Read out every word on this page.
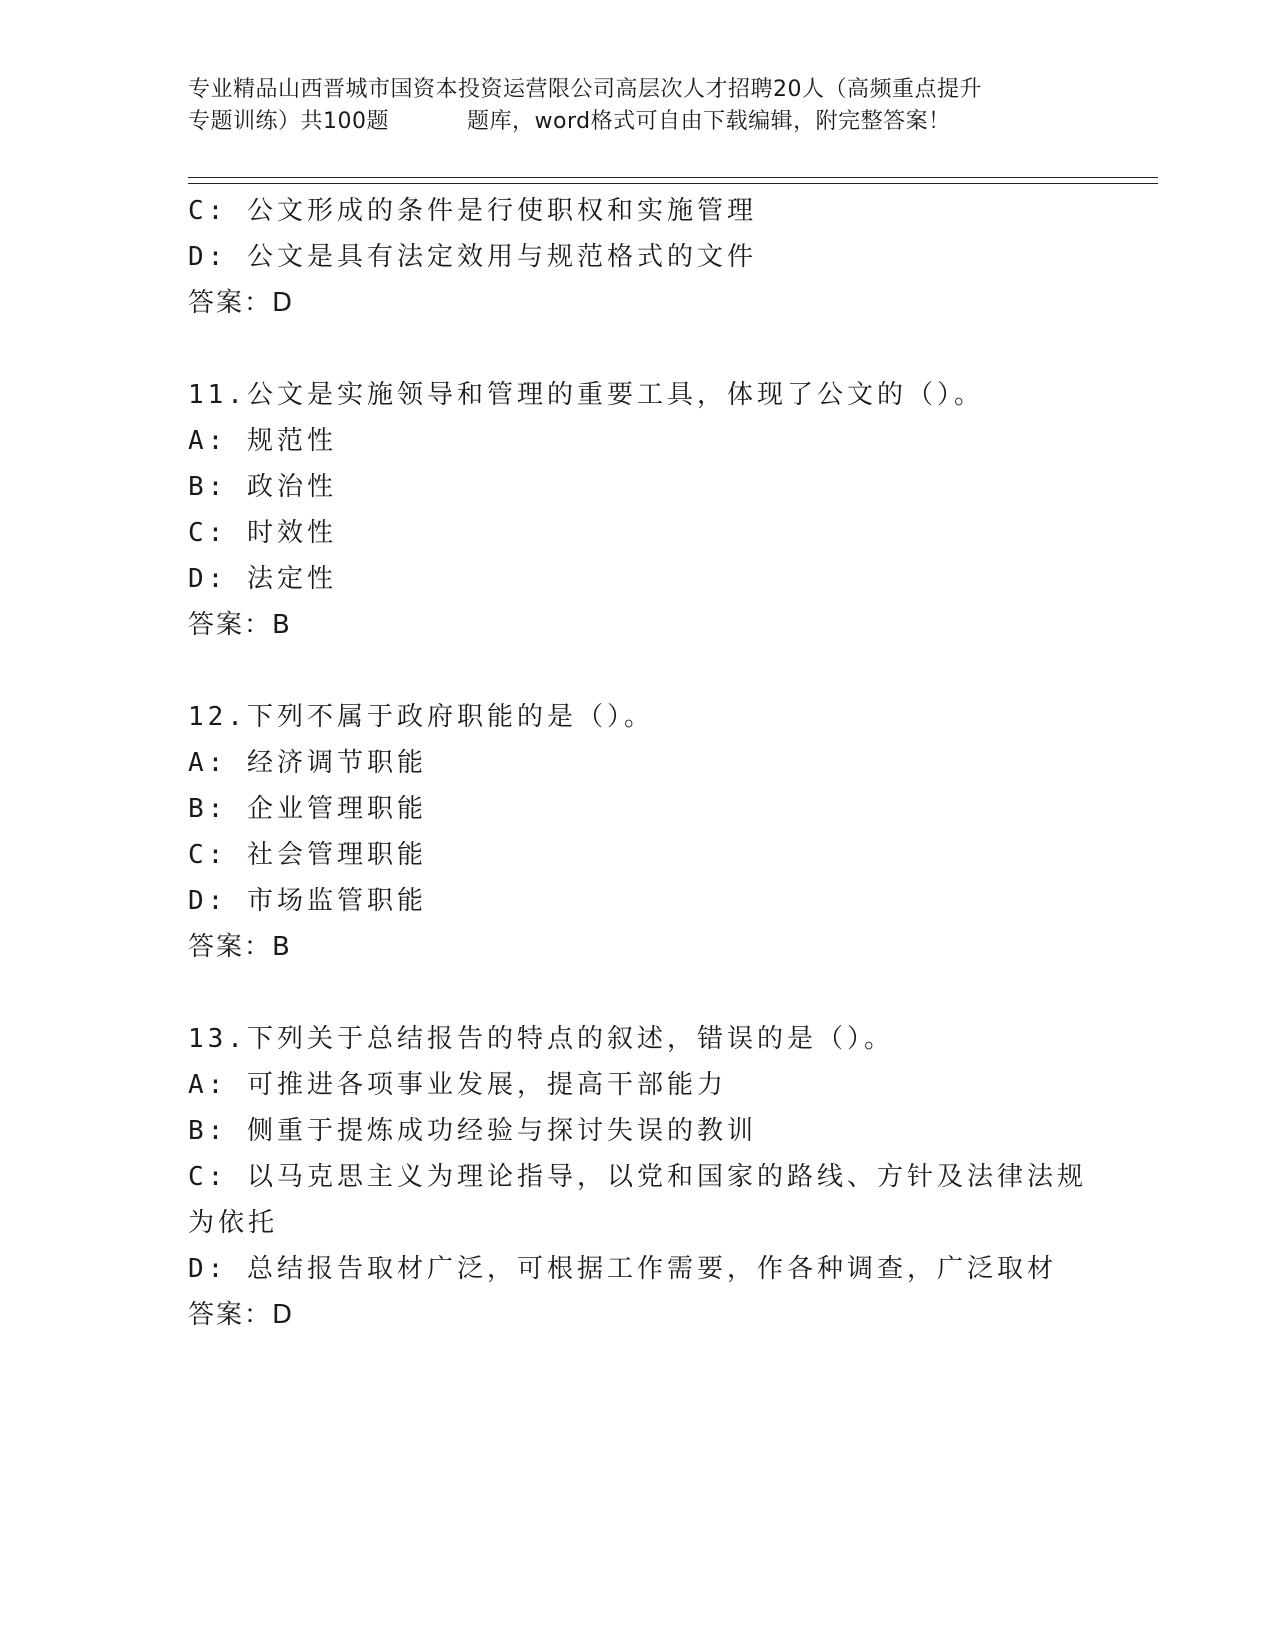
专业精品山西晋城市国资本投资运营限公司高层次人才招聘20人（高频重点提升
专题训练）共100题	题库，word格式可自由下载编辑，附完整答案！
C: 公文形成的条件是行使职权和实施管理
D: 公文是具有法定效用与规范格式的文件
答案：D
11.公文是实施领导和管理的重要工具，体现了公文的（）。
A: 规范性
B: 政治性
C: 时效性
D: 法定性
答案：B
12.下列不属于政府职能的是（）。
A: 经济调节职能
B: 企业管理职能
C: 社会管理职能
D: 市场监管职能
答案：B
13.下列关于总结报告的特点的叙述，错误的是（）。
A: 可推进各项事业发展，提高干部能力
B: 侧重于提炼成功经验与探讨失误的教训
C: 以马克思主义为理论指导，以党和国家的路线、方针及法律法规为依托
D: 总结报告取材广泛，可根据工作需要，作各种调查，广泛取材
答案：D
